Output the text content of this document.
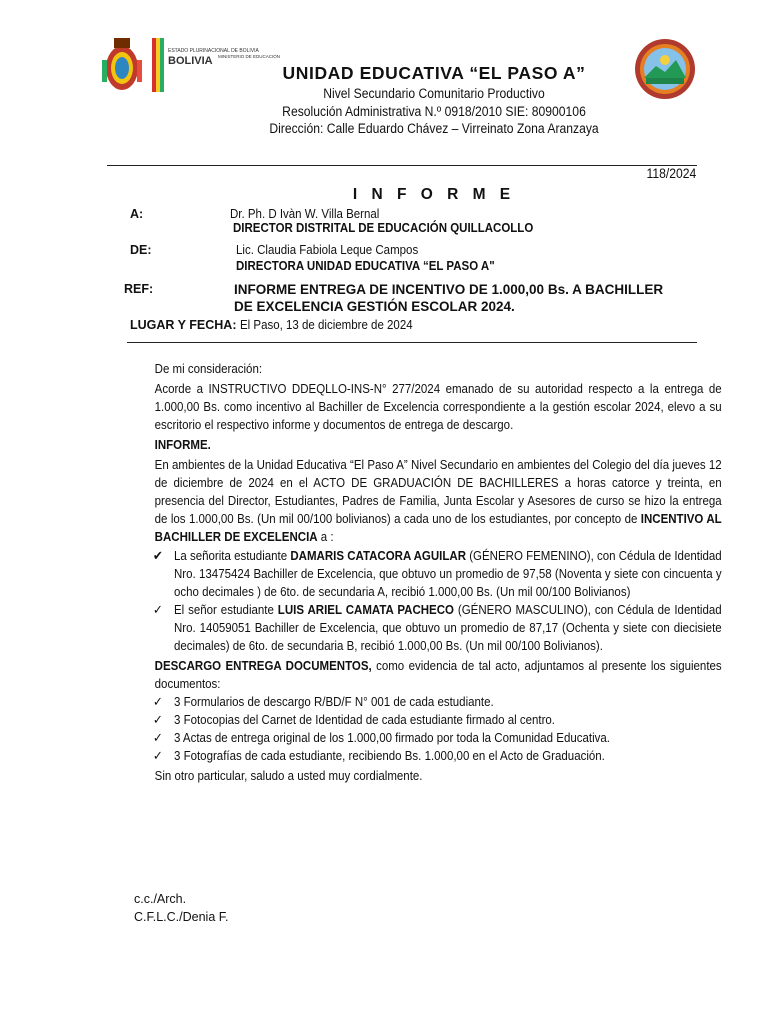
ESTADO PLURINACIONAL DE BOLIVIA
BOLIVIA MINISTERIO DE EDUCACIÓN
UNIDAD EDUCATIVA “EL PASO A”
Nivel Secundario Comunitario Productivo
Resolución Administrativa N.º 0918/2010 SIE: 80900106
Dirección: Calle Eduardo Chávez – Virreinato Zona Aranzaya
118/2024
I N F O R M E
A:	Dr. Ph. D Ivàn W. Villa Bernal
DIRECTOR DISTRITAL DE EDUCACIÓN QUILLACOLLO
DE:	Lic. Claudia Fabiola Leque Campos
DIRECTORA UNIDAD EDUCATIVA “EL PASO A"
REF:	INFORME ENTREGA DE INCENTIVO DE 1.000,00 Bs. A BACHILLER
DE EXCELENCIA GESTIÓN ESCOLAR 2024.
LUGAR Y FECHA: El Paso, 13 de diciembre de 2024

De mi consideración:

Acorde a INSTRUCTIVO DDEQLLO-INS-N° 277/2024 emanado de su autoridad respecto a la entrega de 1.000,00 Bs. como incentivo al Bachiller de Excelencia correspondiente a la gestión escolar 2024, elevo a su escritorio el respectivo informe y documentos de entrega de descargo.

INFORME.

En ambientes de la Unidad Educativa “El Paso A” Nivel Secundario en ambientes del Colegio del día jueves 12 de diciembre de 2024 en el ACTO DE GRADUACIÓN DE BACHILLERES a horas catorce y treinta, en presencia del Director, Estudiantes, Padres de Familia, Junta Escolar y Asesores de curso se hizo la entrega de los 1.000,00 Bs. (Un mil 00/100 bolivianos) a cada uno de los estudiantes, por concepto de INCENTIVO AL BACHILLER DE EXCELENCIA a :

✔ La señorita estudiante DAMARIS CATACORA AGUILAR (GÉNERO FEMENINO), con Cédula de Identidad Nro. 13475424 Bachiller de Excelencia, que obtuvo un promedio de 97,58 (Noventa y siete con cincuenta y ocho decimales ) de 6to. de secundaria A, recibió 1.000,00 Bs. (Un mil 00/100 Bolivianos)
✓ El señor estudiante LUIS ARIEL CAMATA PACHECO (GÉNERO MASCULINO), con Cédula de Identidad Nro. 14059051 Bachiller de Excelencia, que obtuvo un promedio de 87,17 (Ochenta y siete con diecisiete decimales) de 6to. de secundaria B, recibió 1.000,00 Bs. (Un mil 00/100 Bolivianos).

DESCARGO ENTREGA DOCUMENTOS, como evidencia de tal acto, adjuntamos al presente los siguientes documentos:

✓ 3 Formularios de descargo R/BD/F N° 001 de cada estudiante.
✓ 3 Fotocopias del Carnet de Identidad de cada estudiante firmado al centro.
✓ 3 Actas de entrega original de los 1.000,00 firmado por toda la Comunidad Educativa.
✓ 3 Fotografías de cada estudiante, recibiendo Bs. 1.000,00 en el Acto de Graduación.

Sin otro particular, saludo a usted muy cordialmente.

c.c./Arch.
C.F.L.C./Denia F.
